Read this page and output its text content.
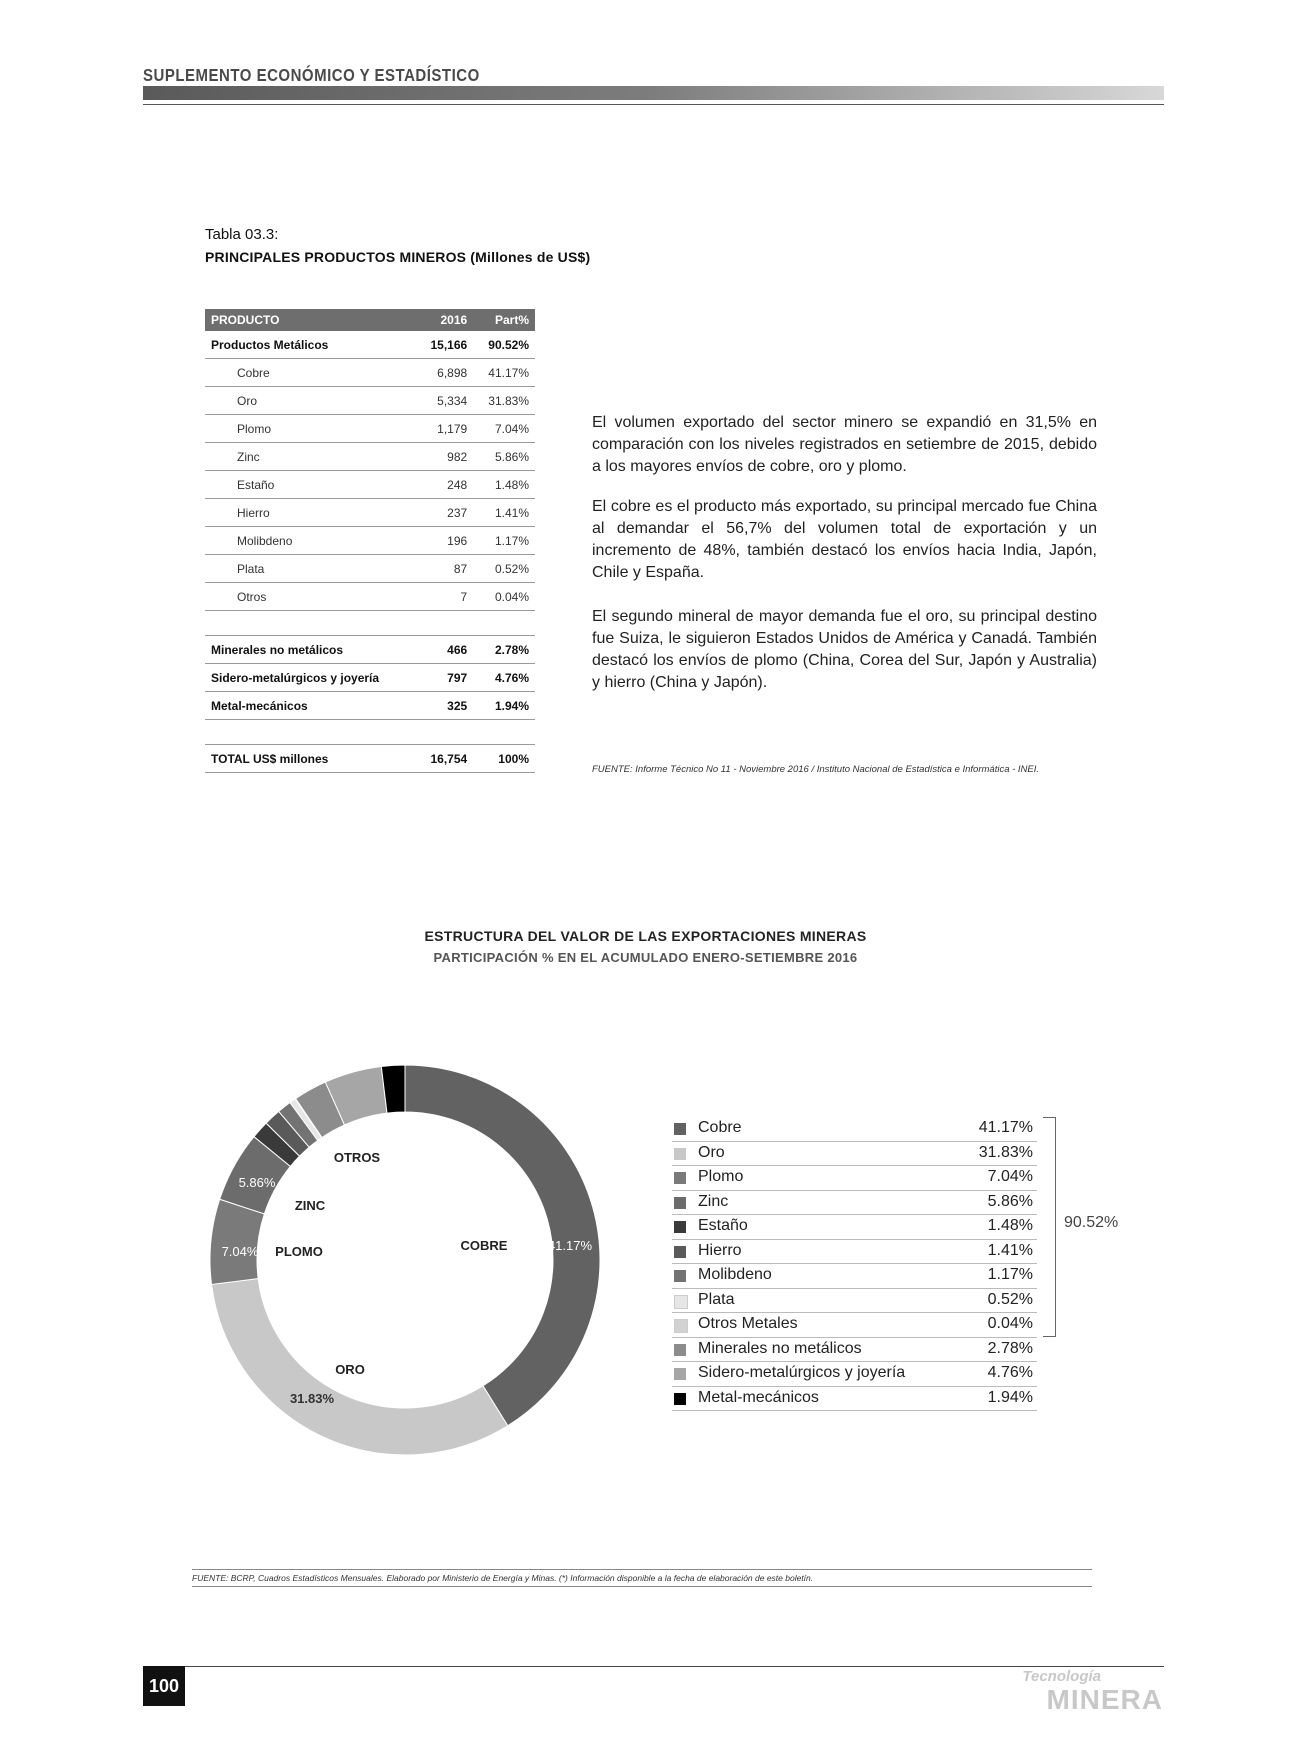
SUPLEMENTO ECONÓMICO Y ESTADÍSTICO
Tabla 03.3:
PRINCIPALES PRODUCTOS MINEROS (Millones de US$)
PRODUCTO	2016	Part%
Productos Metálicos	15,166	90.52%
Cobre	6,898	41.17%
Oro	5,334	31.83%
Plomo	1,179	7.04%
Zinc	982	5.86%
Estaño	248	1.48%
Hierro	237	1.41%
Molibdeno	196	1.17%
Plata	87	0.52%
Otros	7	0.04%

Minerales no metálicos	466	2.78%
Sidero-metalúrgicos y joyería	797	4.76%
Metal-mecánicos	325	1.94%

TOTAL US$ millones	16,754	100%
El volumen exportado del sector minero se expandió en 31,5% en comparación con los niveles registrados en setiembre de 2015, debido a los mayores envíos de cobre, oro y plomo.
El cobre es el producto más exportado, su principal mercado fue China al demandar el 56,7% del volumen total de exportación y un incremento de 48%, también destacó los envíos hacia India, Japón, Chile y España.
El segundo mineral de mayor demanda fue el oro, su principal destino fue Suiza, le siguieron Estados Unidos de América y Canadá. También destacó los envíos de plomo (China, Corea del Sur, Japón y Australia) y hierro (China y Japón).
FUENTE: Informe Técnico No 11 - Noviembre 2016 / Instituto Nacional de Estadística e Informática - INEI.
ESTRUCTURA DEL VALOR DE LAS EXPORTACIONES MINERAS
PARTICIPACIÓN % EN EL ACUMULADO ENERO-SETIEMBRE 2016
COBRE	41.17%
ORO
31.83%
PLOMO
7.04%
ZINC
5.86%
OTROS
Cobre	41.17%
Oro	31.83%
Plomo	7.04%
Zinc	5.86%
Estaño	1.48%
Hierro	1.41%
Molibdeno	1.17%
Plata	0.52%
Otros Metales	0.04%
Minerales no metálicos	2.78%
Sidero-metalúrgicos y joyería	4.76%
Metal-mecánicos	1.94%
90.52%
FUENTE: BCRP, Cuadros Estadísticos Mensuales. Elaborado por Ministerio de Energía y Minas. (*) Información disponible a la fecha de elaboración de este boletín.
100	Tecnología
MINERA
